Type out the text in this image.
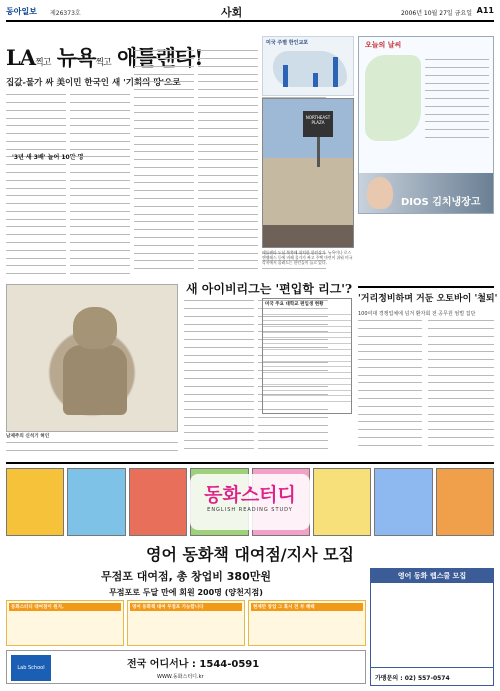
동아일보 제26373호	사회	2006년 10월 27일 금요일 A11
LA찍고 뉴욕찍고 애틀랜타!
집값-물가 싸 美이민 한국인 새 '기회의 땅'으로
'3년 새 3배' 늘어 10만 명
미국 주별 한인교포
NORTHEAST PLAZA
애틀랜타 도심 북쪽에 위치한 한인상가. 뉴욕이나 로스앤젤레스 등에 비해 물가가 싸고 주택 마련이 쉬워 미국 각지에서 몰려드는 한인들이 늘고 있다.
오늘의 날씨
DIOS 김치냉장고
남제주의 신석기 혀인
새 아이비리그는 '편입학 리그'?
미국 주요 대학교 편입생 현황

'거리정비하며 거둔 오토바이 '철퇴'
100여대 경쟁업체에 넘겨 환자회 전 공무원 엄벌 집단
동화스터디
ENGLISH READING STUDY
영어 동화책 대여점/지사 모집
무점포 대여점, 총 창업비 380만원
무점포로 두달 만에 회원 200명 (양천지점)
동화스터디 대여점이 뭔지,	영어 동화책 대여 무점포 가능합니다	현재만 창업 그 혹시 전 부 혜택
Lab School	전국 어디서나 : 1544-0591
WWW.동화스터디.kr
영어 동화 렙스쿨 모집
가맹문의 : 02) 557-0574
